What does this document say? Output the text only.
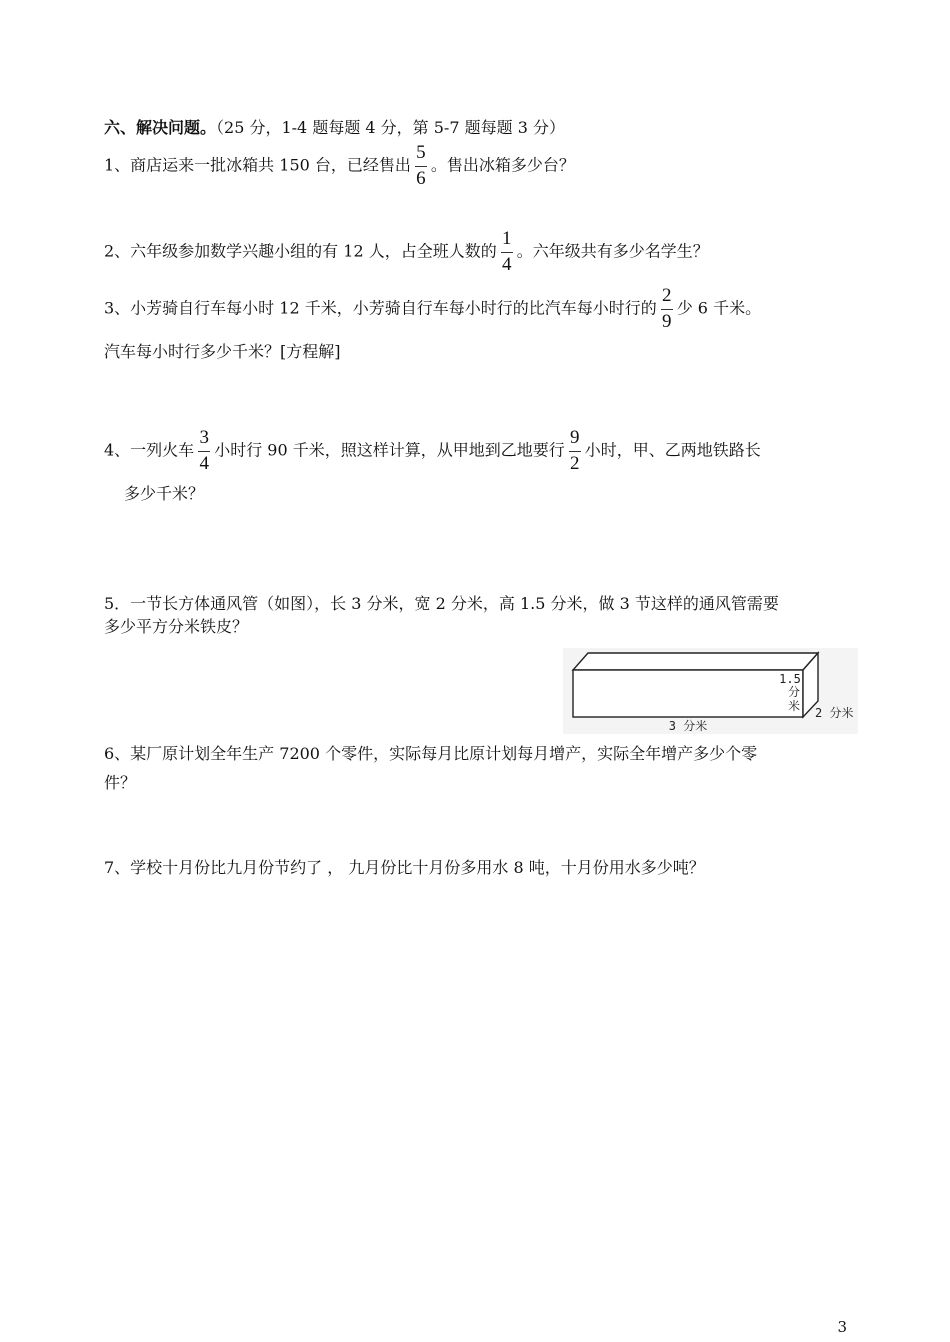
六、解决问题。（25 分，1-4 题每题 4 分，第 5-7 题每题 3 分）
1、商店运来一批冰箱共 150 台，已经售出 $\frac{5}{6}$ 。售出冰箱多少台？
2、六年级参加数学兴趣小组的有 12 人，占全班人数的 $\frac{1}{4}$ 。六年级共有多少名学生？
3、小芳骑自行车每小时 12 千米，小芳骑自行车每小时行的比汽车每小时行的 $\frac{2}{9}$ 少 6 千米。
汽车每小时行多少千米？[方程解]
4、一列火车 $\frac{3}{4}$ 小时行 90 千米，照这样计算，从甲地到乙地要行 $\frac{9}{2}$ 小时，甲、乙两地铁路长
多少千米？
5．一节长方体通风管（如图），长 3 分米，宽 2 分米，高 1.5 分米，做 3 节这样的通风管需要
多少平方分米铁皮？
1.5
分
米 2 分米
3 分米
6、某厂原计划全年生产 7200 个零件，实际每月比原计划每月增产，实际全年增产多少个零
件？
7、学校十月份比九月份节约了 ， 九月份比十月份多用水 8 吨，十月份用水多少吨？
3
